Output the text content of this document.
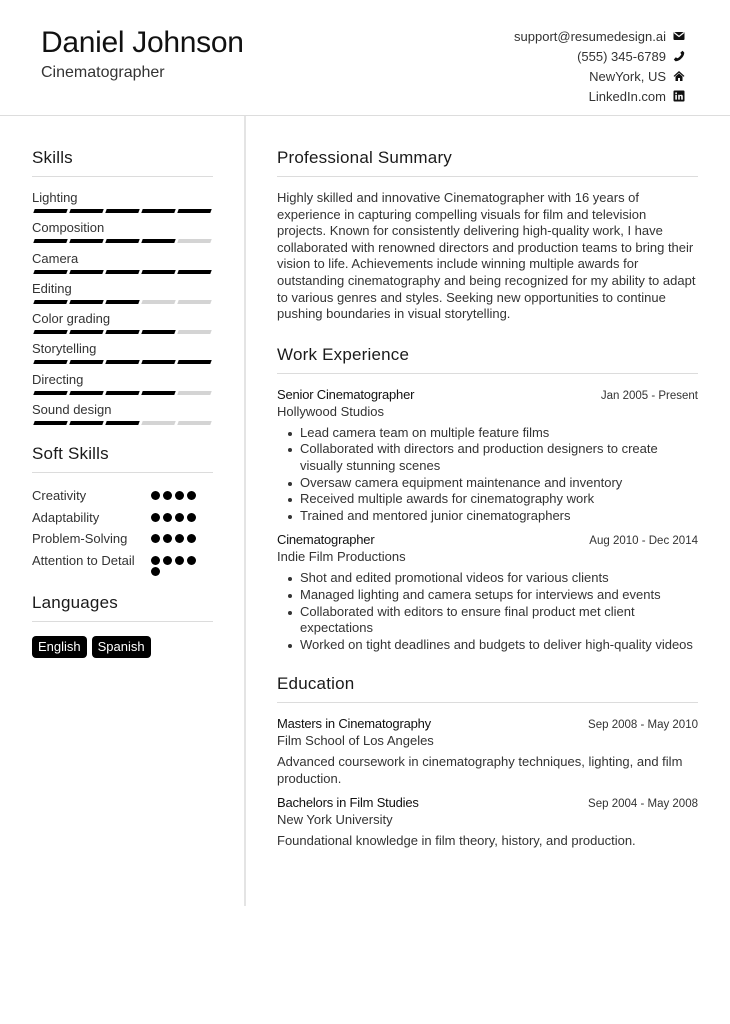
Daniel Johnson
Cinematographer
support@resumedesign.ai
(555) 345-6789
NewYork, US
LinkedIn.com
Skills
Lighting
Composition
Camera
Editing
Color grading
Storytelling
Directing
Sound design
Soft Skills
Creativity
Adaptability
Problem-Solving
Attention to Detail
Languages
English	Spanish
Professional Summary

Highly skilled and innovative Cinematographer with 16 years of experience in capturing compelling visuals for film and television projects. Known for consistently delivering high-quality work, I have collaborated with renowned directors and production teams to bring their vision to life. Achievements include winning multiple awards for outstanding cinematography and being recognized for my ability to adapt to various genres and styles. Seeking new opportunities to continue pushing boundaries in visual storytelling.

Work Experience
Senior Cinematographer	Jan 2005 - Present
Hollywood Studios
Lead camera team on multiple feature films
Collaborated with directors and production designers to create visually stunning scenes
Oversaw camera equipment maintenance and inventory
Received multiple awards for cinematography work
Trained and mentored junior cinematographers
Cinematographer	Aug 2010 - Dec 2014
Indie Film Productions
Shot and edited promotional videos for various clients
Managed lighting and camera setups for interviews and events
Collaborated with editors to ensure final product met client expectations
Worked on tight deadlines and budgets to deliver high-quality videos
Education
Masters in Cinematography	Sep 2008 - May 2010
Film School of Los Angeles

Advanced coursework in cinematography techniques, lighting, and film production.

Bachelors in Film Studies	Sep 2004 - May 2008
New York University

Foundational knowledge in film theory, history, and production.
